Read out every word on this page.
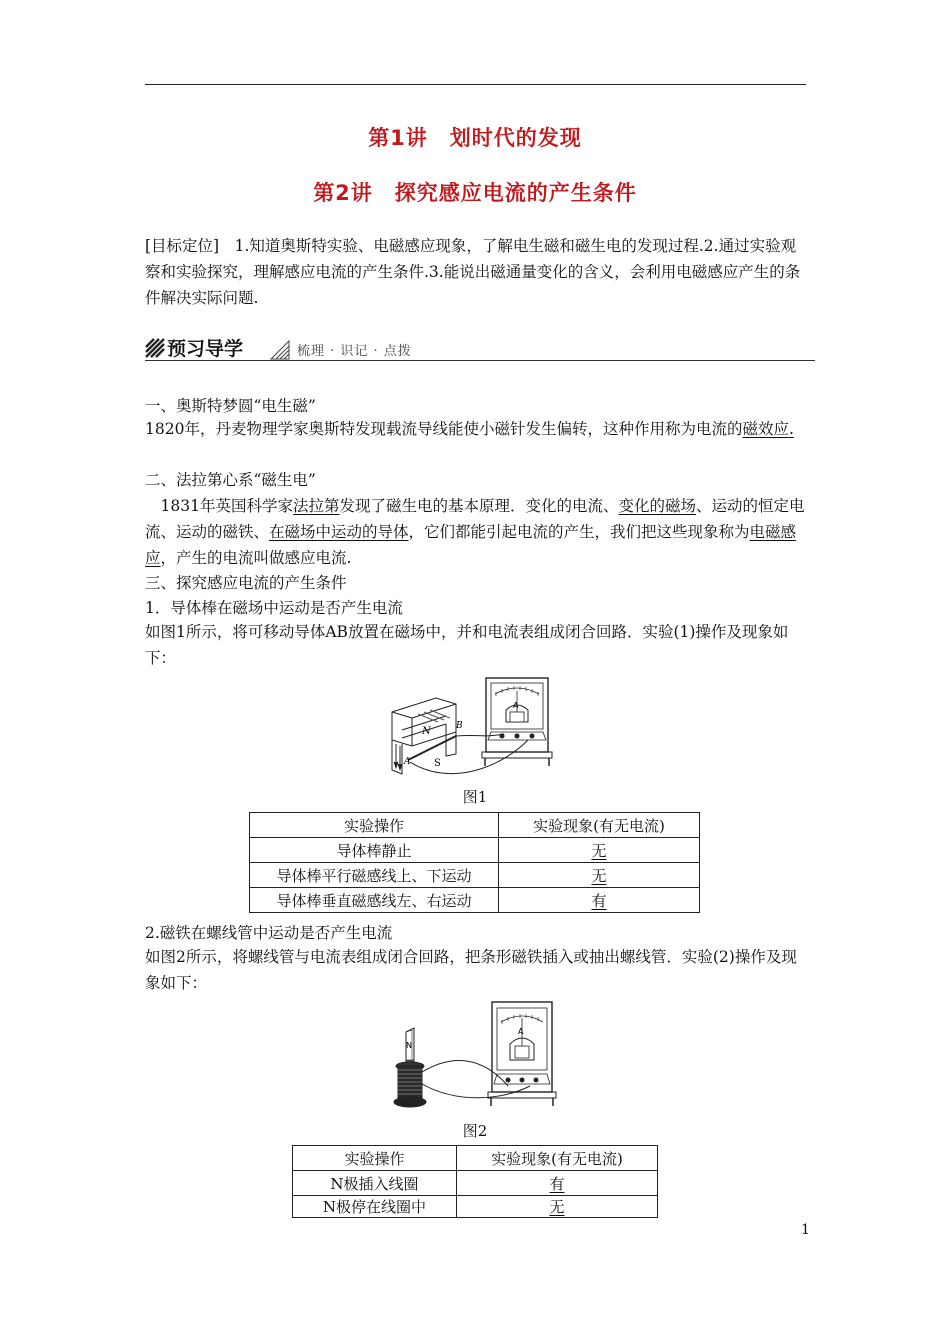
第1讲　划时代的发现
第2讲　探究感应电流的产生条件
[目标定位]　1.知道奥斯特实验、电磁感应现象，了解电生磁和磁生电的发现过程.2.通过实验观察和实验探究，理解感应电流的产生条件.3.能说出磁通量变化的含义，会利用电磁感应产生的条件解决实际问题.
预习导学	梳理 · 识记 · 点拨
一、奥斯特梦圆“电生磁”
1820年，丹麦物理学家奥斯特发现载流导线能使小磁针发生偏转，这种作用称为电流的磁效应.
二、法拉第心系“磁生电”
　1831年英国科学家法拉第发现了磁生电的基本原理．变化的电流、变化的磁场、运动的恒定电流、运动的磁铁、在磁场中运动的导体，它们都能引起电流的产生，我们把这些现象称为电磁感应，产生的电流叫做感应电流.
三、探究感应电流的产生条件
1．导体棒在磁场中运动是否产生电流
如图1所示，将可移动导体AB放置在磁场中，并和电流表组成闭合回路．实验(1)操作及现象如下：
N
S
A
B
A
图1
实验操作	实验现象(有无电流)
导体棒静止	无
导体棒平行磁感线上、下运动	无
导体棒垂直磁感线左、右运动	有
2.磁铁在螺线管中运动是否产生电流
如图2所示，将螺线管与电流表组成闭合回路，把条形磁铁插入或抽出螺线管．实验(2)操作及现象如下：
N
A
图2
实验操作	实验现象(有无电流)
N极插入线圈	有
N极停在线圈中	无
1
